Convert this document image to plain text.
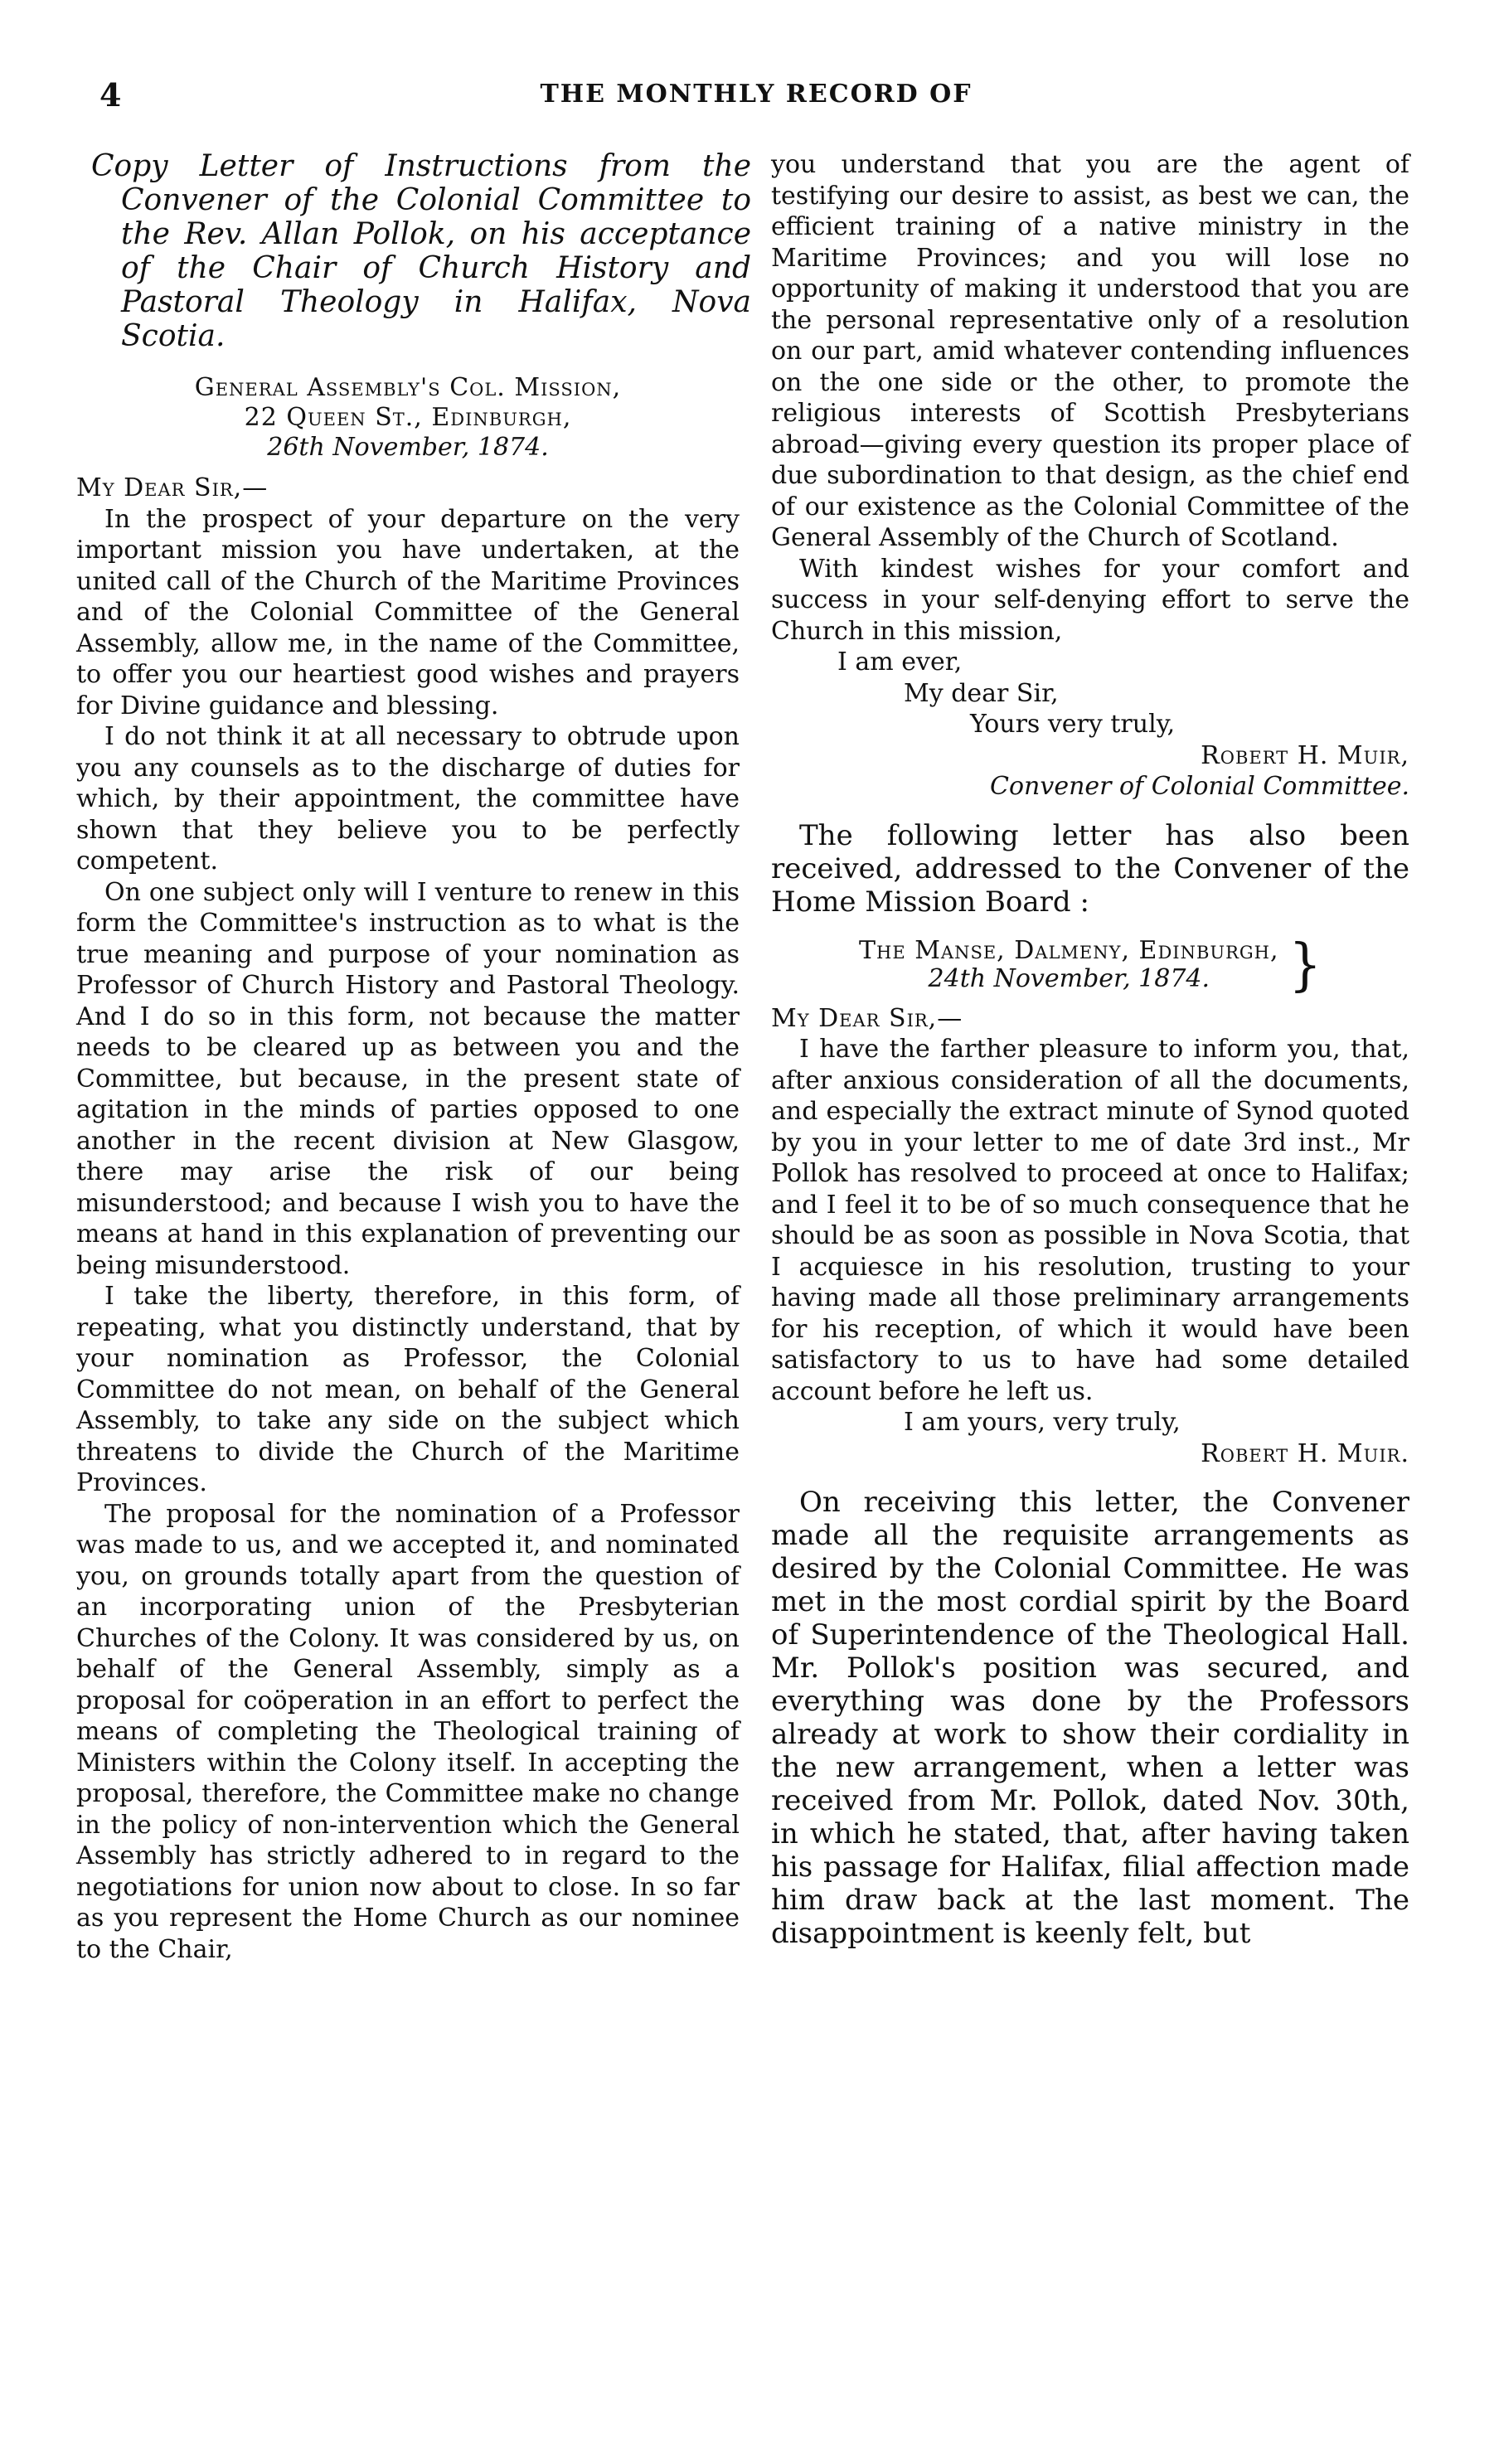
4	THE MONTHLY RECORD OF

Copy Letter of Instructions from the Convener of the Colonial Committee to the Rev. Allan Pollok, on his acceptance of the Chair of Church History and Pastoral Theology in Halifax, Nova Scotia.

General Assembly's Col. Mission,
22 Queen St., Edinburgh,
26th November, 1874.

My Dear Sir,—

In the prospect of your departure on the very important mission you have undertaken, at the united call of the Church of the Maritime Provinces and of the Colonial Committee of the General Assembly, allow me, in the name of the Committee, to offer you our heartiest good wishes and prayers for Divine guidance and blessing.

I do not think it at all necessary to obtrude upon you any counsels as to the discharge of duties for which, by their appointment, the committee have shown that they believe you to be perfectly competent.

On one subject only will I venture to renew in this form the Committee's instruction as to what is the true meaning and purpose of your nomination as Professor of Church History and Pastoral Theology. And I do so in this form, not because the matter needs to be cleared up as between you and the Committee, but because, in the present state of agitation in the minds of parties opposed to one another in the recent division at New Glasgow, there may arise the risk of our being misunderstood; and because I wish you to have the means at hand in this explanation of preventing our being misunderstood.

I take the liberty, therefore, in this form, of repeating, what you distinctly understand, that by your nomination as Professor, the Colonial Committee do not mean, on behalf of the General Assembly, to take any side on the subject which threatens to divide the Church of the Maritime Provinces.

The proposal for the nomination of a Professor was made to us, and we accepted it, and nominated you, on grounds totally apart from the question of an incorporating union of the Presbyterian Churches of the Colony. It was considered by us, on behalf of the General Assembly, simply as a proposal for coöperation in an effort to perfect the means of completing the Theological training of Ministers within the Colony itself. In accepting the proposal, therefore, the Committee make no change in the policy of non-intervention which the General Assembly has strictly adhered to in regard to the negotiations for union now about to close. In so far as you represent the Home Church as our nominee to the Chair,

you understand that you are the agent of testifying our desire to assist, as best we can, the efficient training of a native ministry in the Maritime Provinces; and you will lose no opportunity of making it understood that you are the personal representative only of a resolution on our part, amid whatever contending influences on the one side or the other, to promote the religious interests of Scottish Presbyterians abroad—giving every question its proper place of due subordination to that design, as the chief end of our existence as the Colonial Committee of the General Assembly of the Church of Scotland.

With kindest wishes for your comfort and success in your self-denying effort to serve the Church in this mission,

I am ever,
My dear Sir,
Yours very truly,
Robert H. Muir,
Convener of Colonial Committee.

The following letter has also been received, addressed to the Convener of the Home Mission Board :

The Manse, Dalmeny, Edinburgh,
24th November, 1874.	}

My Dear Sir,—

I have the farther pleasure to inform you, that, after anxious consideration of all the documents, and especially the extract minute of Synod quoted by you in your letter to me of date 3rd inst., Mr Pollok has resolved to proceed at once to Halifax; and I feel it to be of so much consequence that he should be as soon as possible in Nova Scotia, that I acquiesce in his resolution, trusting to your having made all those preliminary arrangements for his reception, of which it would have been satisfactory to us to have had some detailed account before he left us.

I am yours, very truly,
Robert H. Muir.

On receiving this letter, the Convener made all the requisite arrangements as desired by the Colonial Committee. He was met in the most cordial spirit by the Board of Superintendence of the Theological Hall. Mr. Pollok's position was secured, and everything was done by the Professors already at work to show their cordiality in the new arrangement, when a letter was received from Mr. Pollok, dated Nov. 30th, in which he stated, that, after having taken his passage for Halifax, filial affection made him draw back at the last moment. The disappointment is keenly felt, but
